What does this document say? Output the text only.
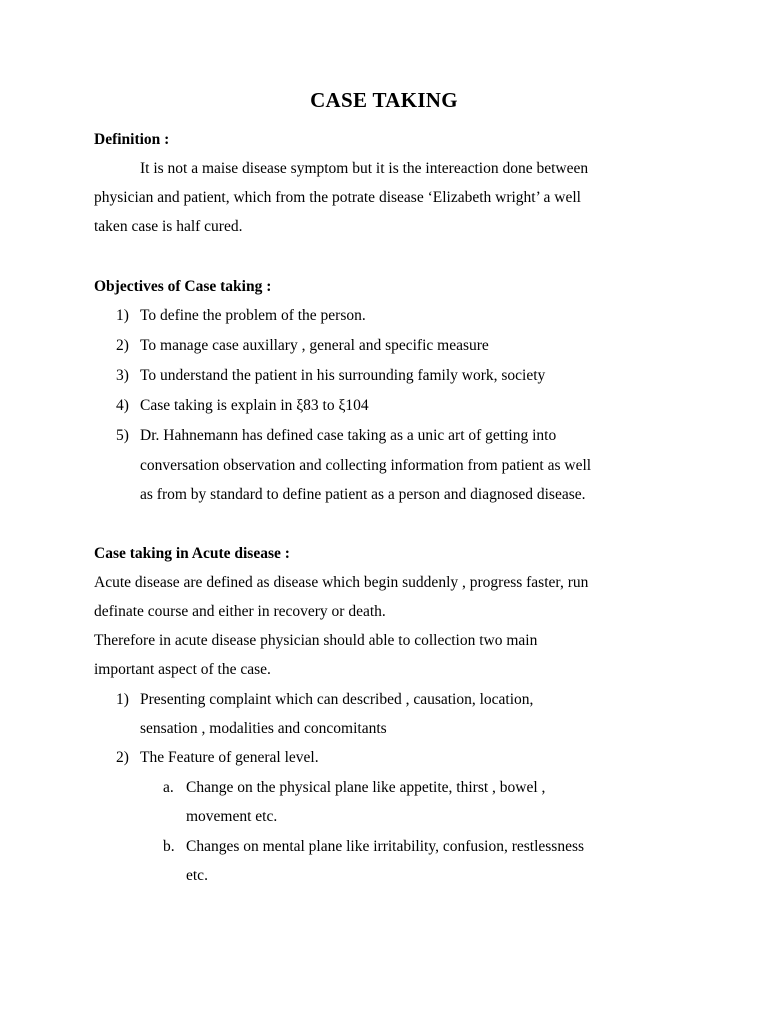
CASE TAKING
Definition :
It is not a maise disease symptom but it is the intereaction done between
physician and patient, which from the potrate disease ‘Elizabeth wright’ a well
taken case is half cured.
Objectives of Case taking :
1) To define the problem of the person.
2) To manage case auxillary , general and specific measure
3) To understand the patient in his surrounding family work, society
4) Case taking is explain in ξ83 to ξ104
5) Dr. Hahnemann has defined case taking as a unic art of getting into
conversation observation and collecting information from patient as well
as from by standard to define patient as a person and diagnosed disease.
Case taking in Acute disease :
Acute disease are defined as disease which begin suddenly , progress faster, run
definate course and either in recovery or death.
Therefore in acute disease physician should able to collection two main
important aspect of the case.
1) Presenting complaint which can described , causation, location,
sensation , modalities and concomitants
2) The Feature of general level.
a. Change on the physical plane like appetite, thirst , bowel ,
movement etc.
b. Changes on mental plane like irritability, confusion, restlessness
etc.
